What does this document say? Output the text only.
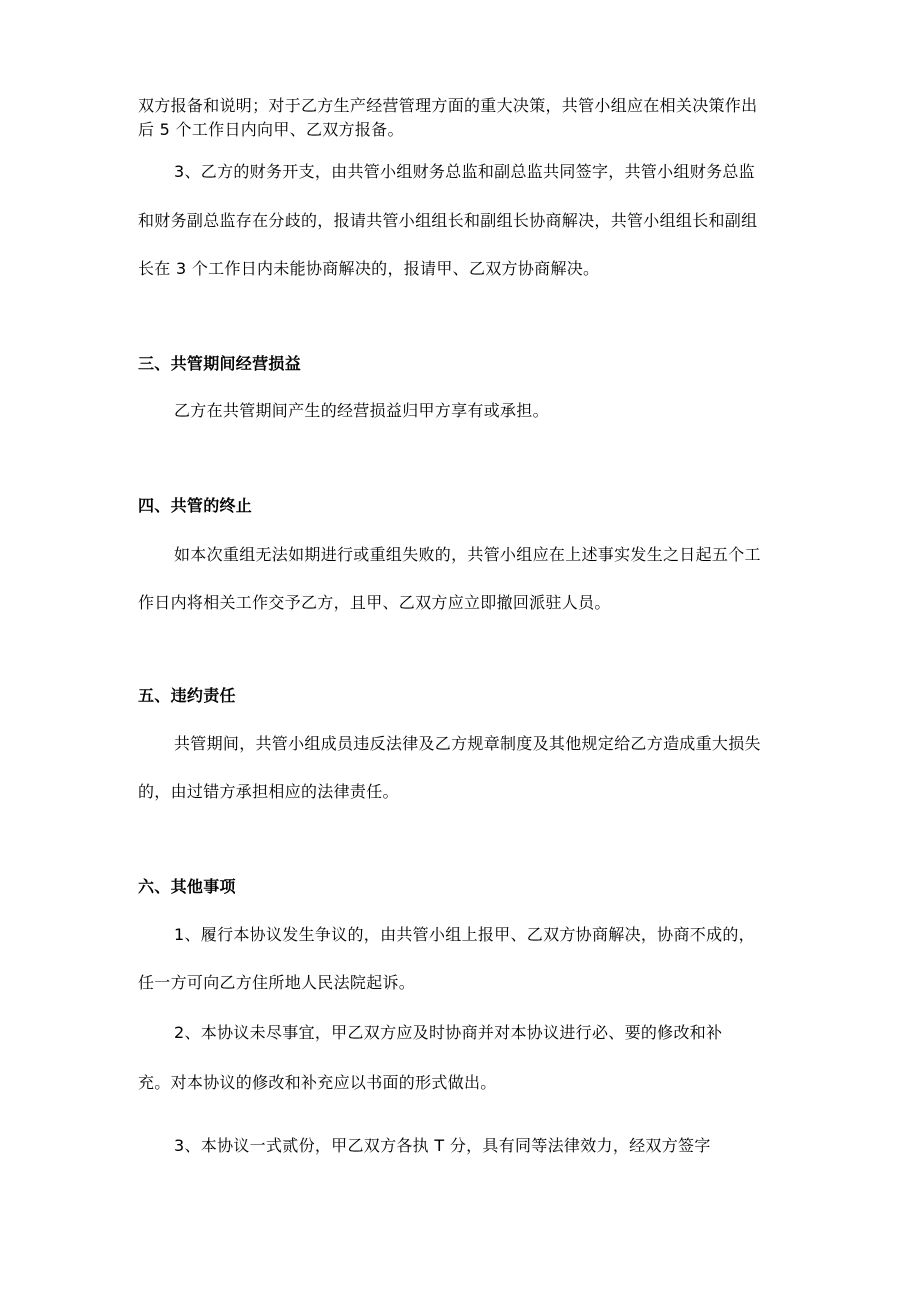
双方报备和说明；对于乙方生产经营管理方面的重大决策，共管小组应在相关决策作出
后 5 个工作日内向甲、乙双方报备。
3、乙方的财务开支，由共管小组财务总监和副总监共同签字，共管小组财务总监
和财务副总监存在分歧的，报请共管小组组长和副组长协商解决，共管小组组长和副组
长在 3 个工作日内未能协商解决的，报请甲、乙双方协商解决。
三、共管期间经营损益
乙方在共管期间产生的经营损益归甲方享有或承担。
四、共管的终止
如本次重组无法如期进行或重组失败的，共管小组应在上述事实发生之日起五个工
作日内将相关工作交予乙方，且甲、乙双方应立即撤回派驻人员。
五、违约责任
共管期间，共管小组成员违反法律及乙方规章制度及其他规定给乙方造成重大损失
的，由过错方承担相应的法律责任。
六、其他事项
1、履行本协议发生争议的，由共管小组上报甲、乙双方协商解决，协商不成的，
任一方可向乙方住所地人民法院起诉。
2、本协议未尽事宜，甲乙双方应及时协商并对本协议进行必、要的修改和补
充。对本协议的修改和补充应以书面的形式做出。
3、本协议一式贰份，甲乙双方各执 T 分，具有同等法律效力，经双方签字
